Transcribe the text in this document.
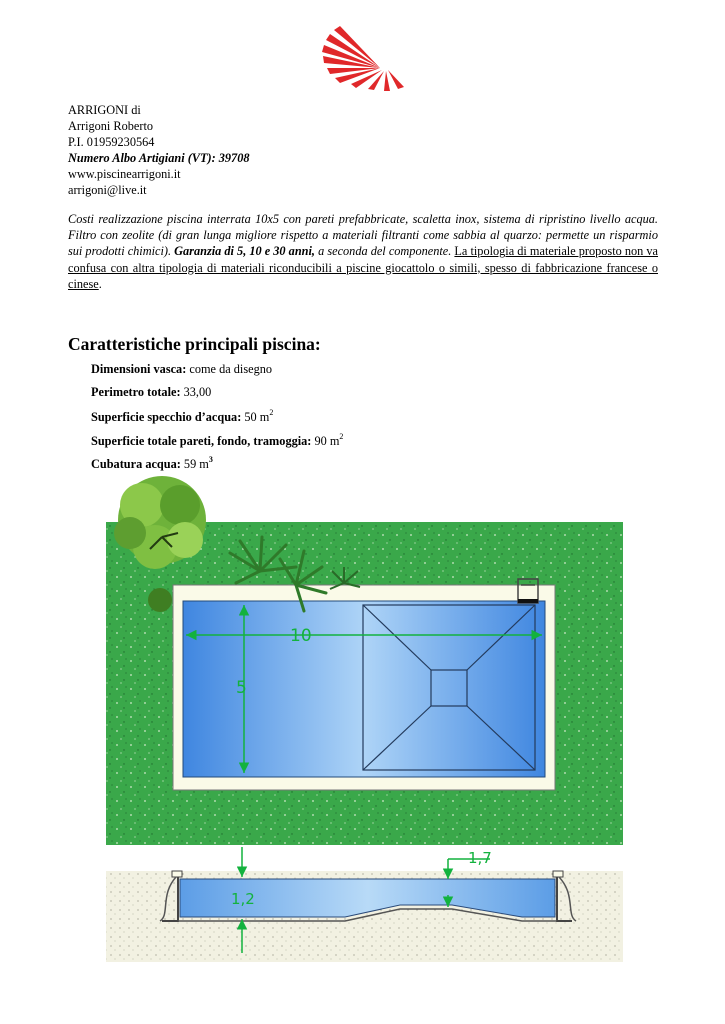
ARRIGONI di
Arrigoni Roberto
P.I. 01959230564
Numero Albo Artigiani (VT): 39708
www.piscinearrigoni.it
arrigoni@live.it
Costi realizzazione piscina interrata 10x5 con pareti prefabbricate, scaletta inox, sistema di ripristino livello acqua. Filtro con zeolite (di gran lunga migliore rispetto a materiali filtranti come sabbia al quarzo: permette un risparmio sui prodotti chimici). Garanzia di 5, 10 e 30 anni, a seconda del componente. La tipologia di materiale proposto non va confusa con altra tipologia di materiali riconducibili a piscine giocattolo o simili, spesso di fabbricazione francese o cinese.
Caratteristiche principali piscina:
Dimensioni vasca: come da disegno
Perimetro totale: 33,00
Superficie specchio d’acqua: 50 $m^2$
Superficie totale pareti, fondo, tramoggia: 90 $m^2$
Cubatura acqua: 59 $m^3$
10
5
1,2
1,7
